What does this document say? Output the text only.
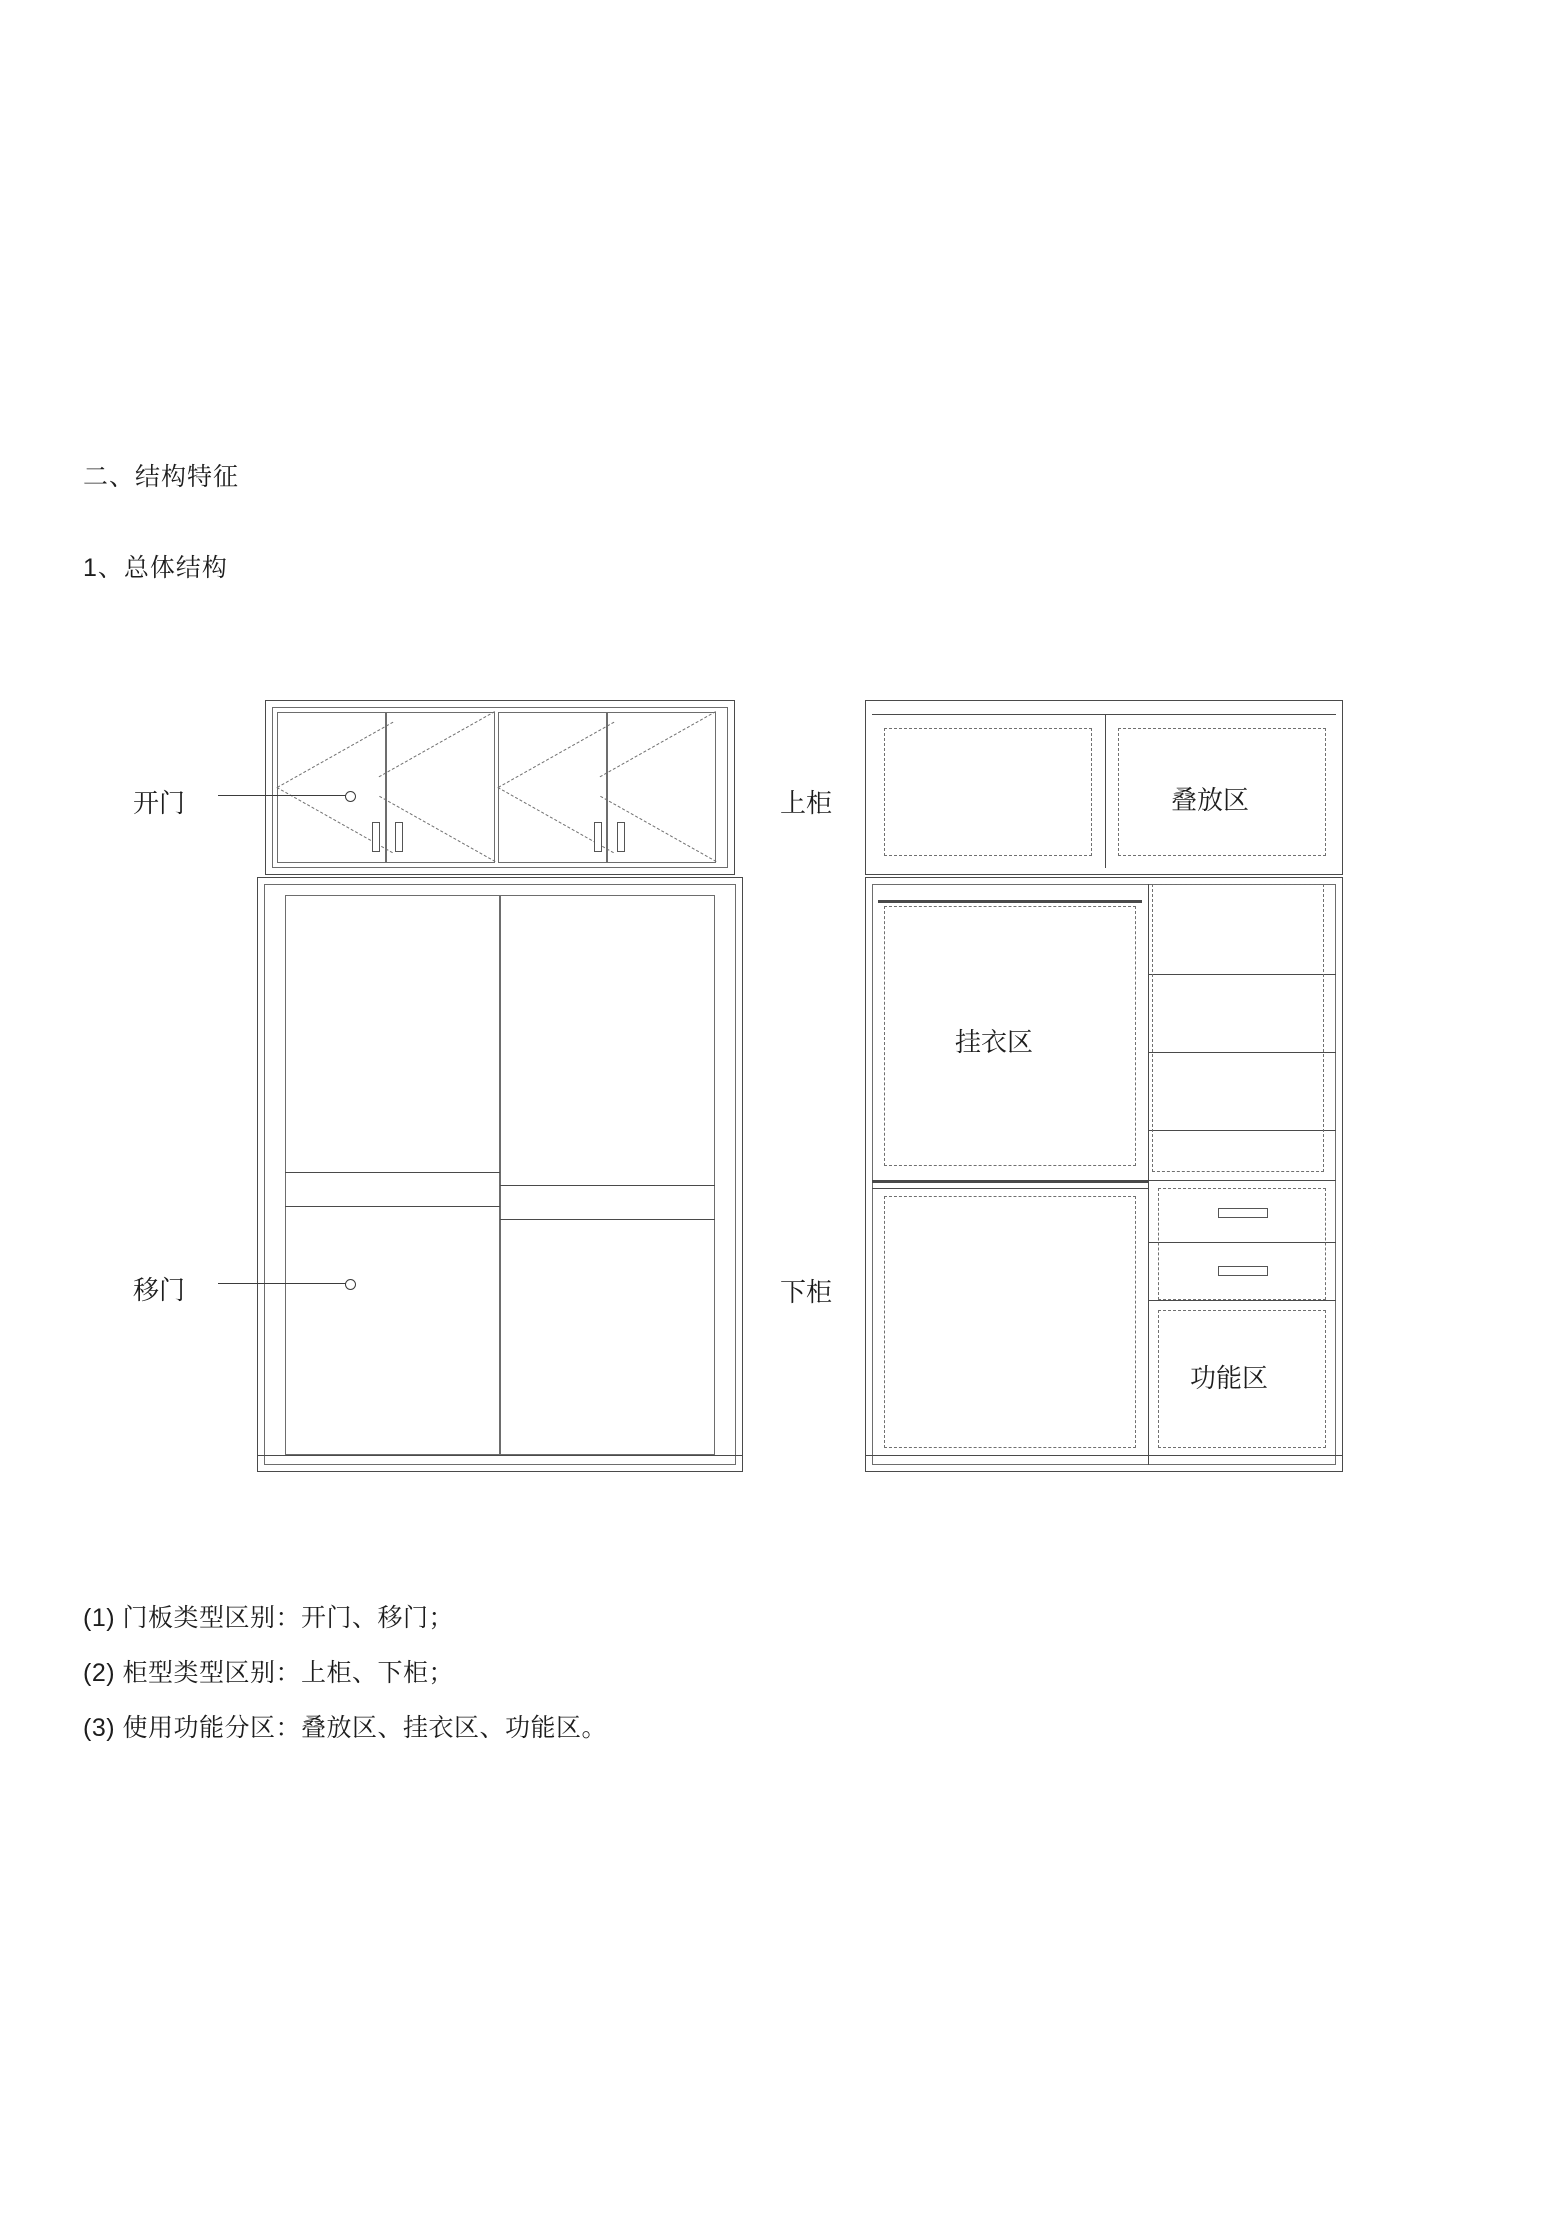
二、结构特征
1、总体结构
开门
移门
叠放区
挂衣区
功能区
上柜
下柜
(1) 门板类型区别：开门、移门；
(2) 柜型类型区别：上柜、下柜；
(3) 使用功能分区：叠放区、挂衣区、功能区。
